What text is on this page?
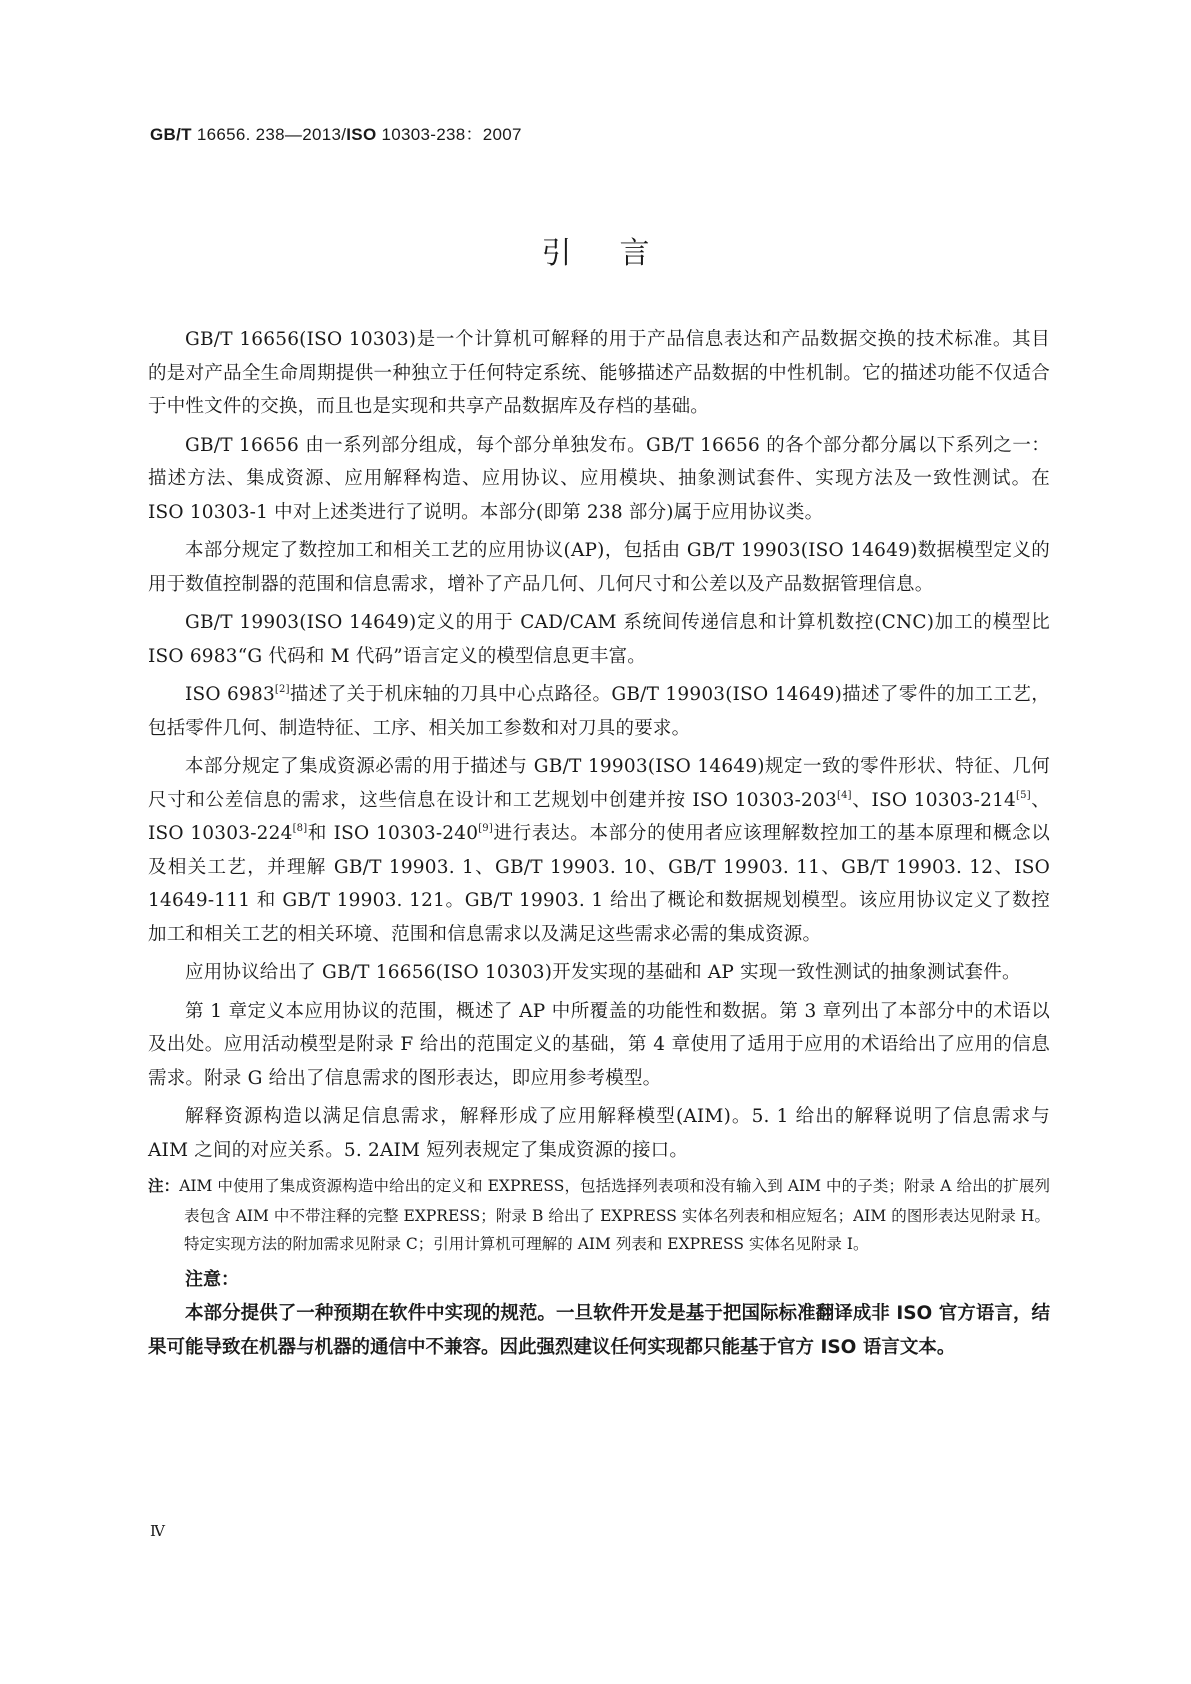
GB/T 16656. 238—2013/ISO 10303-238：2007
引言

GB/T 16656(ISO 10303)是一个计算机可解释的用于产品信息表达和产品数据交换的技术标准。其目的是对产品全生命周期提供一种独立于任何特定系统、能够描述产品数据的中性机制。它的描述功能不仅适合于中性文件的交换，而且也是实现和共享产品数据库及存档的基础。

GB/T 16656 由一系列部分组成，每个部分单独发布。GB/T 16656 的各个部分都分属以下系列之一：描述方法、集成资源、应用解释构造、应用协议、应用模块、抽象测试套件、实现方法及一致性测试。在 ISO 10303-1 中对上述类进行了说明。本部分(即第 238 部分)属于应用协议类。

本部分规定了数控加工和相关工艺的应用协议(AP)，包括由 GB/T 19903(ISO 14649)数据模型定义的用于数值控制器的范围和信息需求，增补了产品几何、几何尺寸和公差以及产品数据管理信息。

GB/T 19903(ISO 14649)定义的用于 CAD/CAM 系统间传递信息和计算机数控(CNC)加工的模型比 ISO 6983“G 代码和 M 代码”语言定义的模型信息更丰富。

ISO 6983[2]描述了关于机床轴的刀具中心点路径。GB/T 19903(ISO 14649)描述了零件的加工工艺，包括零件几何、制造特征、工序、相关加工参数和对刀具的要求。

本部分规定了集成资源必需的用于描述与 GB/T 19903(ISO 14649)规定一致的零件形状、特征、几何尺寸和公差信息的需求，这些信息在设计和工艺规划中创建并按 ISO 10303-203[4]、ISO 10303-214[5]、ISO 10303-224[8]和 ISO 10303-240[9]进行表达。本部分的使用者应该理解数控加工的基本原理和概念以及相关工艺，并理解 GB/T 19903. 1、GB/T 19903. 10、GB/T 19903. 11、GB/T 19903. 12、ISO 14649-111 和 GB/T 19903. 121。GB/T 19903. 1 给出了概论和数据规划模型。该应用协议定义了数控加工和相关工艺的相关环境、范围和信息需求以及满足这些需求必需的集成资源。

应用协议给出了 GB/T 16656(ISO 10303)开发实现的基础和 AP 实现一致性测试的抽象测试套件。

第 1 章定义本应用协议的范围，概述了 AP 中所覆盖的功能性和数据。第 3 章列出了本部分中的术语以及出处。应用活动模型是附录 F 给出的范围定义的基础，第 4 章使用了适用于应用的术语给出了应用的信息需求。附录 G 给出了信息需求的图形表达，即应用参考模型。

解释资源构造以满足信息需求，解释形成了应用解释模型(AIM)。5. 1 给出的解释说明了信息需求与 AIM 之间的对应关系。5. 2AIM 短列表规定了集成资源的接口。

注：AIM 中使用了集成资源构造中给出的定义和 EXPRESS，包括选择列表项和没有输入到 AIM 中的子类；附录 A 给出的扩展列表包含 AIM 中不带注释的完整 EXPRESS；附录 B 给出了 EXPRESS 实体名列表和相应短名；AIM 的图形表达见附录 H。特定实现方法的附加需求见附录 C；引用计算机可理解的 AIM 列表和 EXPRESS 实体名见附录 I。

注意：

本部分提供了一种预期在软件中实现的规范。一旦软件开发是基于把国际标准翻译成非 ISO 官方语言，结果可能导致在机器与机器的通信中不兼容。因此强烈建议任何实现都只能基于官方 ISO 语言文本。

Ⅳ
